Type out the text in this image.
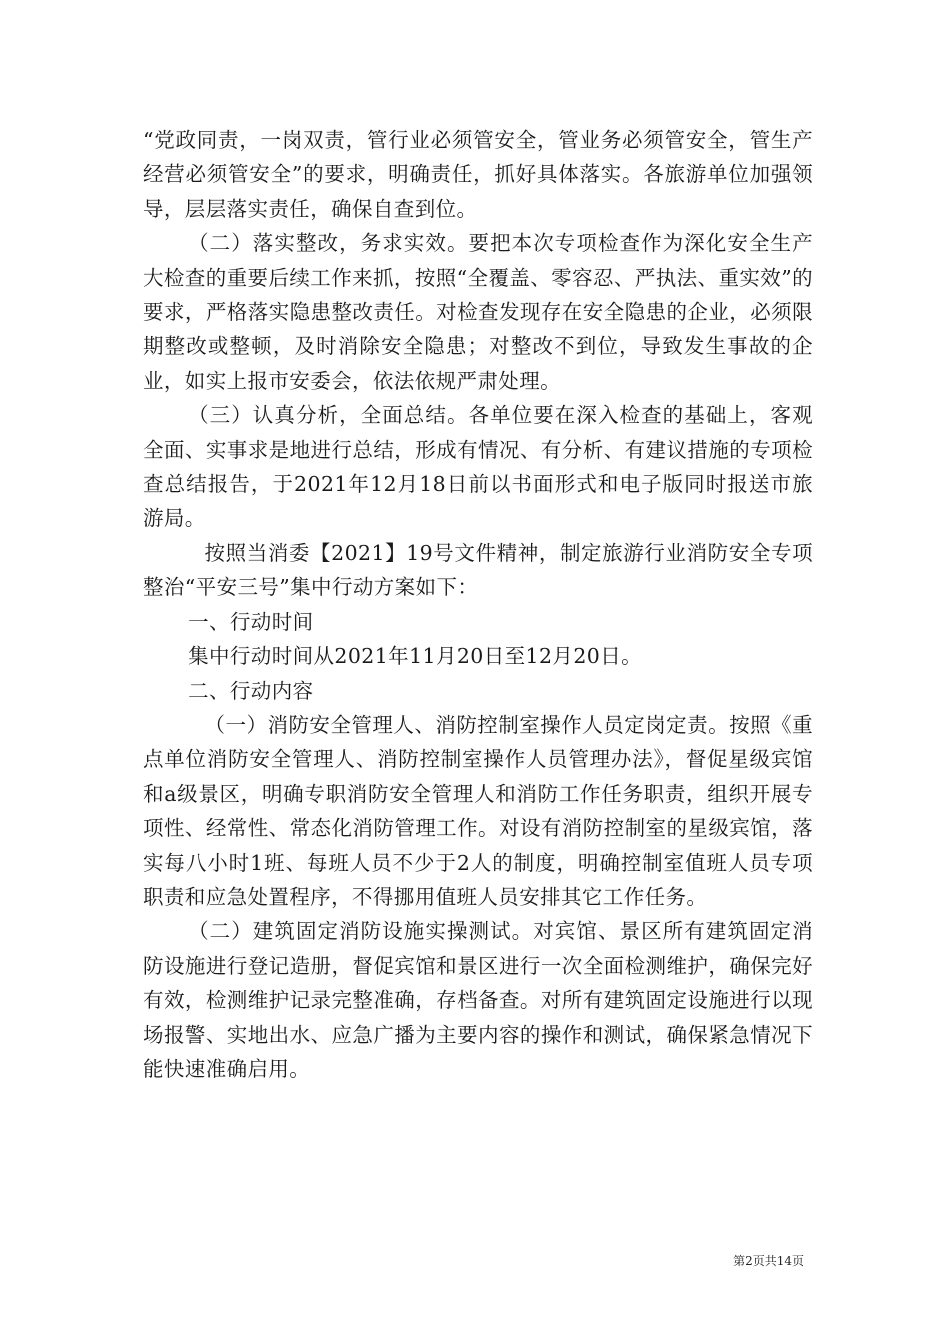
“党政同责，一岗双责，管行业必须管安全，管业务必须管安全，管生产经营必须管安全”的要求，明确责任，抓好具体落实。各旅游单位加强领导，层层落实责任，确保自查到位。

（二）落实整改，务求实效。要把本次专项检查作为深化安全生产大检查的重要后续工作来抓，按照“全覆盖、零容忍、严执法、重实效”的要求，严格落实隐患整改责任。对检查发现存在安全隐患的企业，必须限期整改或整顿，及时消除安全隐患；对整改不到位，导致发生事故的企业，如实上报市安委会，依法依规严肃处理。

（三）认真分析，全面总结。各单位要在深入检查的基础上，客观全面、实事求是地进行总结，形成有情况、有分析、有建议措施的专项检查总结报告，于2021年12月18日前以书面形式和电子版同时报送市旅游局。

按照当消委【2021】19号文件精神，制定旅游行业消防安全专项整治“平安三号”集中行动方案如下：

一、行动时间

集中行动时间从2021年11月20日至12月20日。

二、行动内容

（一）消防安全管理人、消防控制室操作人员定岗定责。按照《重点单位消防安全管理人、消防控制室操作人员管理办法》，督促星级宾馆和a级景区，明确专职消防安全管理人和消防工作任务职责，组织开展专项性、经常性、常态化消防管理工作。对设有消防控制室的星级宾馆，落实每八小时1班、每班人员不少于2人的制度，明确控制室值班人员专项职责和应急处置程序，不得挪用值班人员安排其它工作任务。

（二）建筑固定消防设施实操测试。对宾馆、景区所有建筑固定消防设施进行登记造册，督促宾馆和景区进行一次全面检测维护，确保完好有效，检测维护记录完整准确，存档备查。对所有建筑固定设施进行以现场报警、实地出水、应急广播为主要内容的操作和测试，确保紧急情况下能快速准确启用。

第2页共14页
